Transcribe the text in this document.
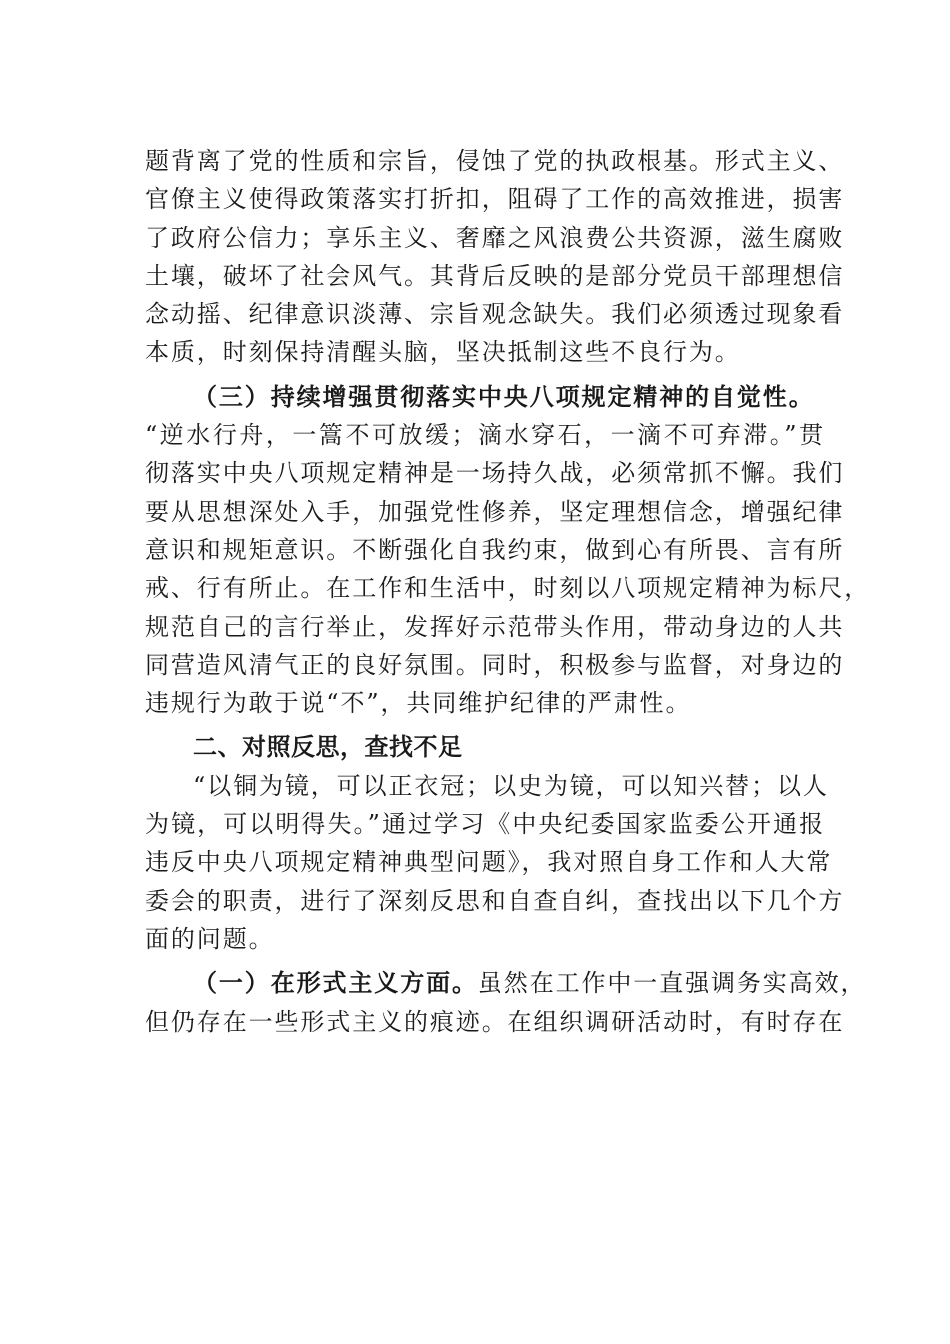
题背离了党的性质和宗旨，侵蚀了党的执政根基。形式主义、
官僚主义使得政策落实打折扣，阻碍了工作的高效推进，损害
了政府公信力；享乐主义、奢靡之风浪费公共资源，滋生腐败
土壤，破坏了社会风气。其背后反映的是部分党员干部理想信
念动摇、纪律意识淡薄、宗旨观念缺失。我们必须透过现象看
本质，时刻保持清醒头脑，坚决抵制这些不良行为。
（三）持续增强贯彻落实中央八项规定精神的自觉性。
“逆水行舟，一篙不可放缓；滴水穿石，一滴不可弃滞。”贯
彻落实中央八项规定精神是一场持久战，必须常抓不懈。我们
要从思想深处入手，加强党性修养，坚定理想信念，增强纪律
意识和规矩意识。不断强化自我约束，做到心有所畏、言有所
戒、行有所止。在工作和生活中，时刻以八项规定精神为标尺，
规范自己的言行举止，发挥好示范带头作用，带动身边的人共
同营造风清气正的良好氛围。同时，积极参与监督，对身边的
违规行为敢于说“不”，共同维护纪律的严肃性。
二、对照反思，查找不足
“以铜为镜，可以正衣冠；以史为镜，可以知兴替；以人
为镜，可以明得失。”通过学习《中央纪委国家监委公开通报
违反中央八项规定精神典型问题》，我对照自身工作和人大常
委会的职责，进行了深刻反思和自查自纠，查找出以下几个方
面的问题。
（一）在形式主义方面。虽然在工作中一直强调务实高效，
但仍存在一些形式主义的痕迹。在组织调研活动时，有时存在
